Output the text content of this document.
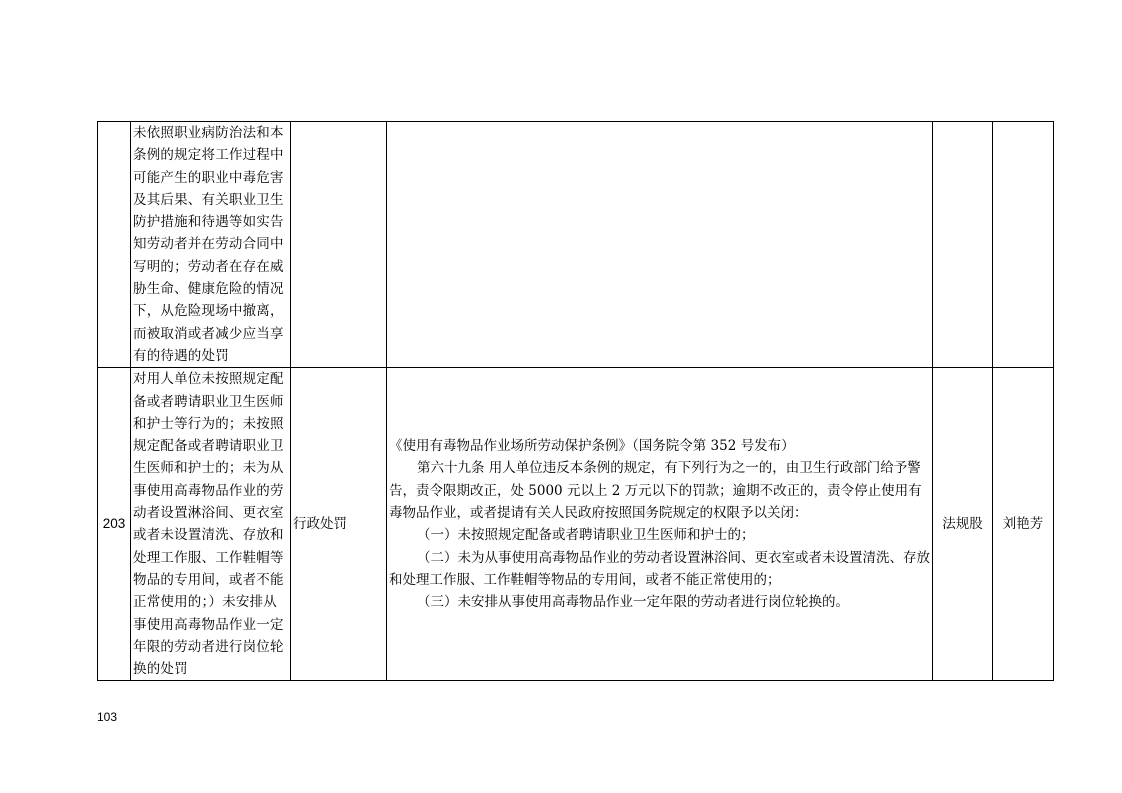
	未依照职业病防治法和本条例的规定将工作过程中可能产生的职业中毒危害及其后果、有关职业卫生防护措施和待遇等如实告知劳动者并在劳动合同中写明的；劳动者在存在威胁生命、健康危险的情况下，从危险现场中撤离，而被取消或者减少应当享有的待遇的处罚				
203	对用人单位未按照规定配备或者聘请职业卫生医师和护士等行为的；未按照规定配备或者聘请职业卫生医师和护士的；未为从事使用高毒物品作业的劳动者设置淋浴间、更衣室或者未设置清洗、存放和处理工作服、工作鞋帽等物品的专用间，或者不能正常使用的；）未安排从事使用高毒物品作业一定年限的劳动者进行岗位轮换的处罚	行政处罚	《使用有毒物品作业场所劳动保护条例》（国务院令第 352 号发布）

第六十九条 用人单位违反本条例的规定，有下列行为之一的，由卫生行政部门给予警告，责令限期改正，处 5000 元以上 2 万元以下的罚款；逾期不改正的，责令停止使用有毒物品作业，或者提请有关人民政府按照国务院规定的权限予以关闭：

（一）未按照规定配备或者聘请职业卫生医师和护士的；

（二）未为从事使用高毒物品作业的劳动者设置淋浴间、更衣室或者未设置清洗、存放和处理工作服、工作鞋帽等物品的专用间，或者不能正常使用的；

（三）未安排从事使用高毒物品作业一定年限的劳动者进行岗位轮换的。	法规股	刘艳芳
103
